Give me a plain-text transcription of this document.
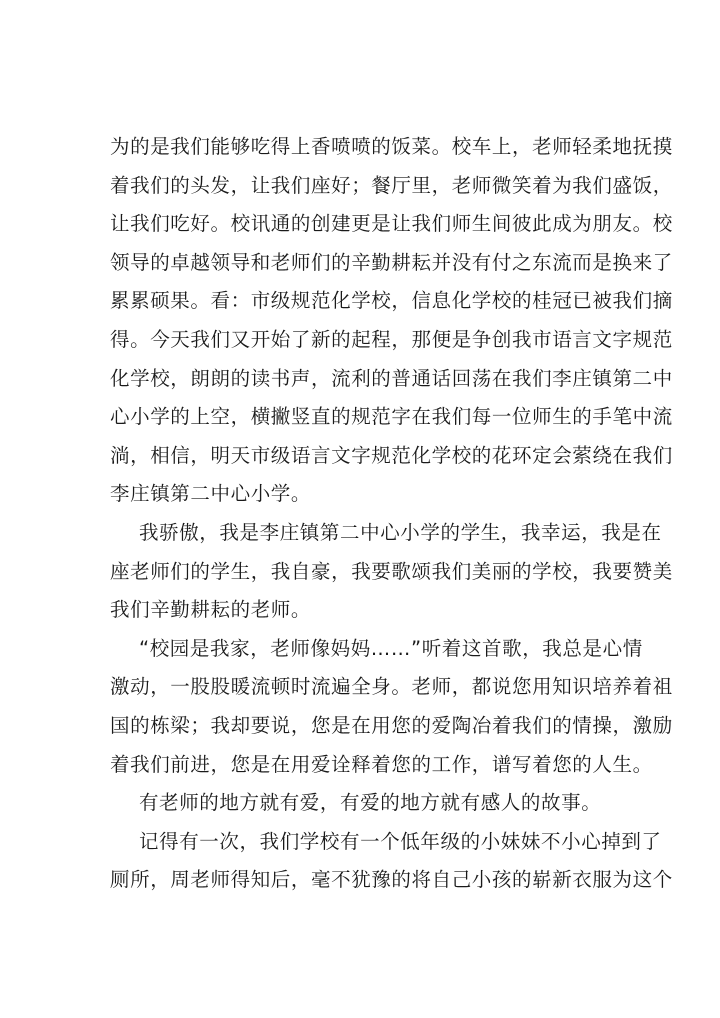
为的是我们能够吃得上香喷喷的饭菜。校车上，老师轻柔地抚摸
着我们的头发，让我们座好；餐厅里，老师微笑着为我们盛饭，
让我们吃好。校讯通的创建更是让我们师生间彼此成为朋友。校
领导的卓越领导和老师们的辛勤耕耘并没有付之东流而是换来了
累累硕果。看：市级规范化学校，信息化学校的桂冠已被我们摘
得。今天我们又开始了新的起程，那便是争创我市语言文字规范
化学校，朗朗的读书声，流利的普通话回荡在我们李庄镇第二中
心小学的上空，横撇竖直的规范字在我们每一位师生的手笔中流
淌，相信，明天市级语言文字规范化学校的花环定会萦绕在我们
李庄镇第二中心小学。
我骄傲，我是李庄镇第二中心小学的学生，我幸运，我是在
座老师们的学生，我自豪，我要歌颂我们美丽的学校，我要赞美
我们辛勤耕耘的老师。
“校园是我家，老师像妈妈……”听着这首歌，我总是心情
激动，一股股暖流顿时流遍全身。老师，都说您用知识培养着祖
国的栋梁；我却要说，您是在用您的爱陶冶着我们的情操，激励
着我们前进，您是在用爱诠释着您的工作，谱写着您的人生。
有老师的地方就有爱，有爱的地方就有感人的故事。
记得有一次，我们学校有一个低年级的小妹妹不小心掉到了
厕所，周老师得知后，毫不犹豫的将自己小孩的崭新衣服为这个
